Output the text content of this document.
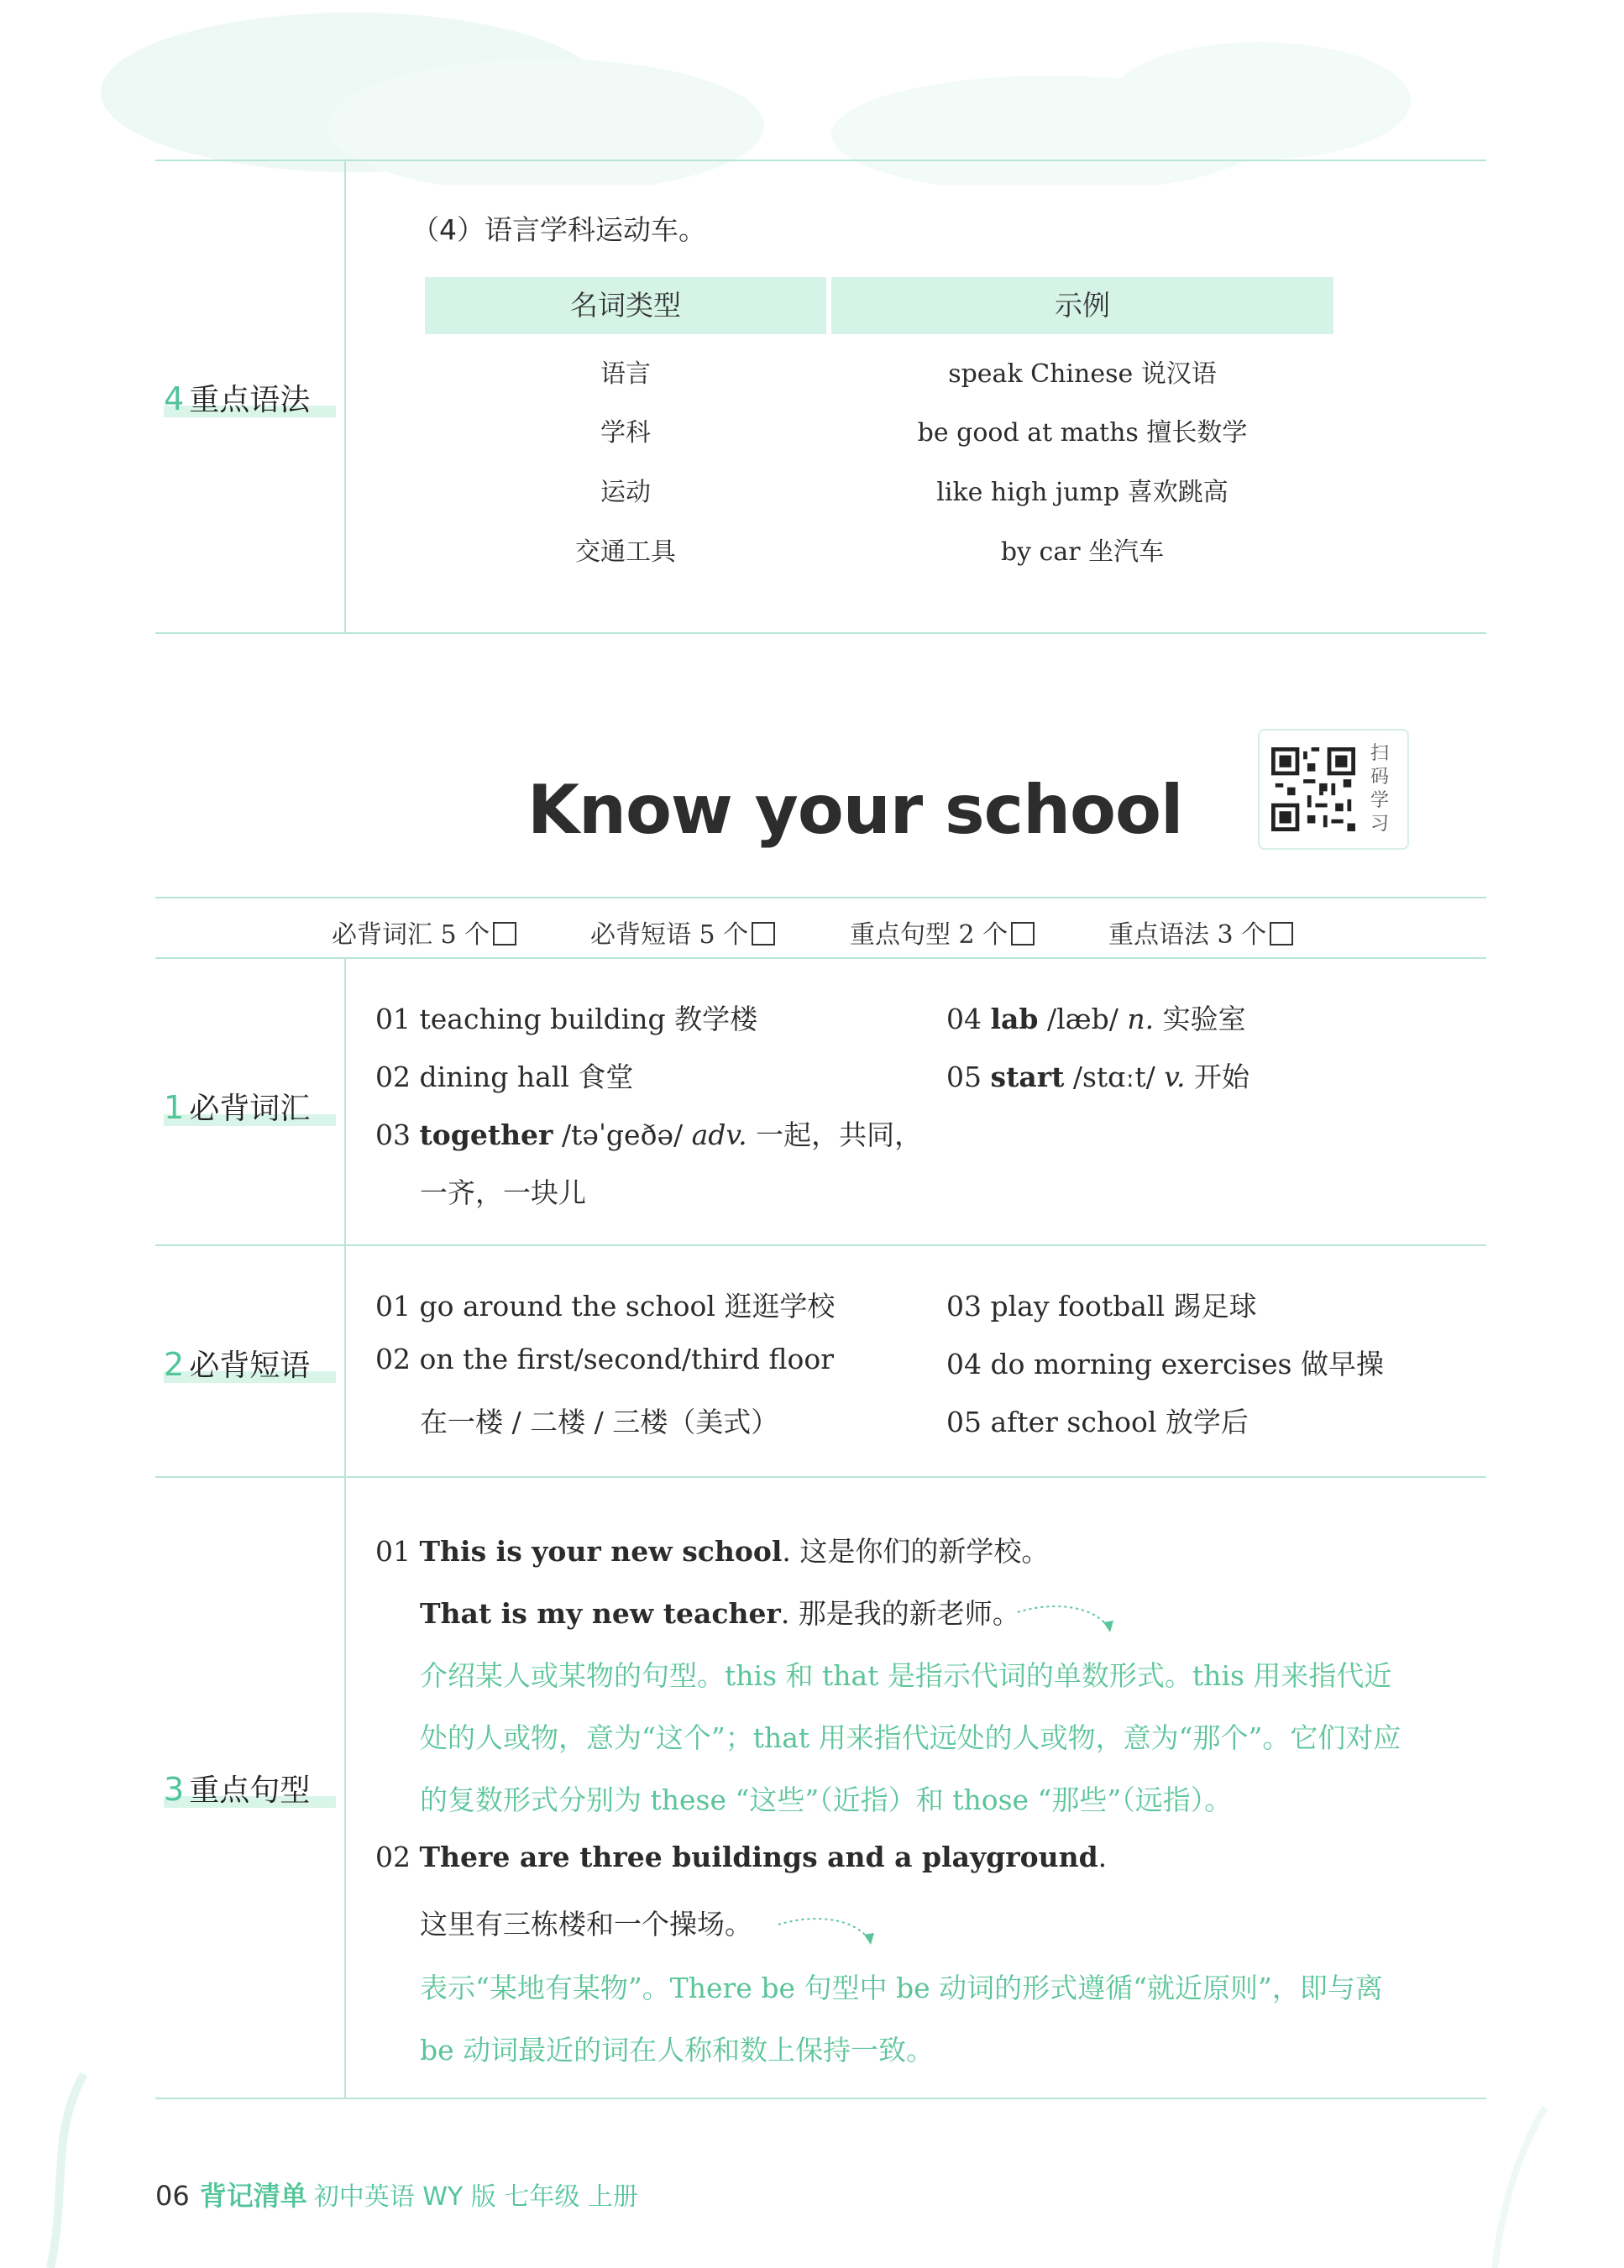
4 重点语法
（4）语言学科运动车。
名词类型	示例
语言	speak Chinese 说汉语
学科	be good at maths 擅长数学
运动	like high jump 喜欢跳高
交通工具	by car 坐汽车
Know your school
扫码学习
必背词汇 5 个	必背短语 5 个	重点句型 2 个	重点语法 3 个
1 必背词汇
01 teaching building 教学楼
02 dining hall 食堂
03 together /təˈgeðə/ adv. 一起，共同，
一齐，一块儿
04 lab /læb/ n. 实验室
05 start /stɑːt/ v. 开始
2 必背短语
01 go around the school 逛逛学校
02 on the first/second/third floor
在一楼 / 二楼 / 三楼（美式）
03 play football 踢足球
04 do morning exercises 做早操
05 after school 放学后
3 重点句型
01 This is your new school. 这是你们的新学校。
That is my new teacher. 那是我的新老师。
介绍某人或某物的句型。this 和 that 是指示代词的单数形式。this 用来指代近
处的人或物，意为“这个”；that 用来指代远处的人或物，意为“那个”。它们对应
的复数形式分别为 these “这些”（近指）和 those “那些”（远指）。
02 There are three buildings and a playground.
这里有三栋楼和一个操场。
表示“某地有某物”。There be 句型中 be 动词的形式遵循“就近原则”，即与离
be 动词最近的词在人称和数上保持一致。
06 背记清单 初中英语 WY 版 七年级 上册
